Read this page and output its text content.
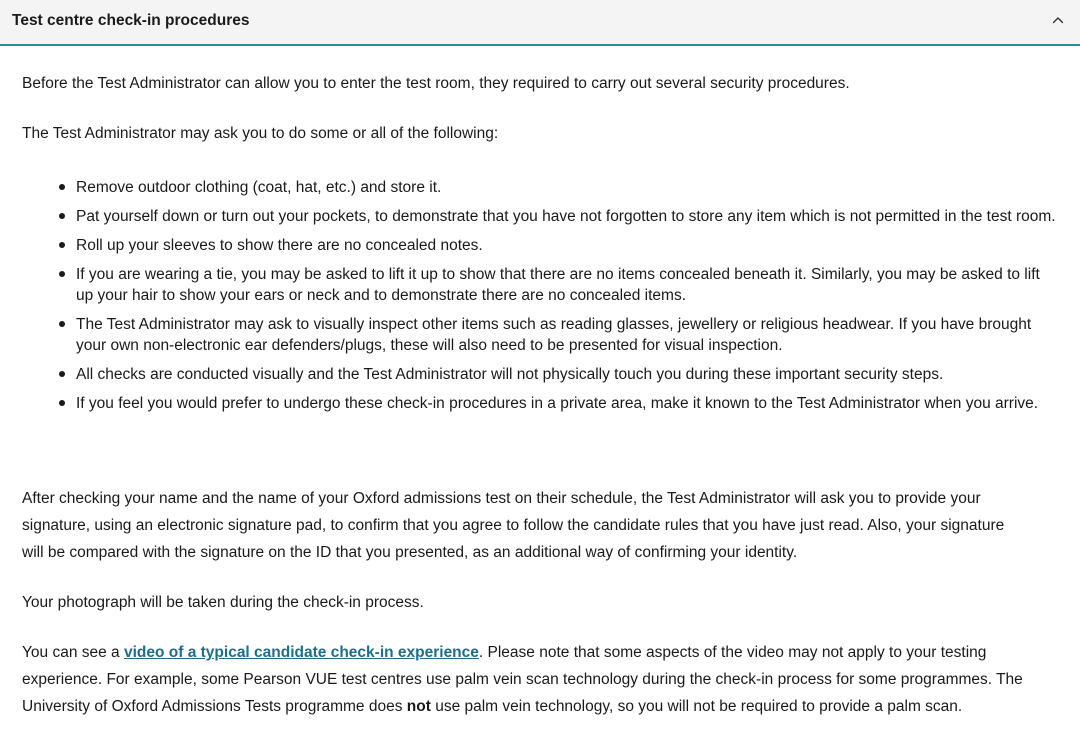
Test centre check-in procedures

Before the Test Administrator can allow you to enter the test room, they required to carry out several security procedures.

The Test Administrator may ask you to do some or all of the following:

Remove outdoor clothing (coat, hat, etc.) and store it.
Pat yourself down or turn out your pockets, to demonstrate that you have not forgotten to store any item which is not permitted in the test room.
Roll up your sleeves to show there are no concealed notes.
If you are wearing a tie, you may be asked to lift it up to show that there are no items concealed beneath it. Similarly, you may be asked to lift up your hair to show your ears or neck and to demonstrate there are no concealed items.
The Test Administrator may ask to visually inspect other items such as reading glasses, jewellery or religious headwear. If you have brought your own non-electronic ear defenders/plugs, these will also need to be presented for visual inspection.
All checks are conducted visually and the Test Administrator will not physically touch you during these important security steps.
If you feel you would prefer to undergo these check-in procedures in a private area, make it known to the Test Administrator when you arrive.

After checking your name and the name of your Oxford admissions test on their schedule, the Test Administrator will ask you to provide your

signature, using an electronic signature pad, to confirm that you agree to follow the candidate rules that you have just read. Also, your signature

will be compared with the signature on the ID that you presented, as an additional way of confirming your identity.

Your photograph will be taken during the check-in process.

You can see a video of a typical candidate check-in experience. Please note that some aspects of the video may not apply to your testing

experience. For example, some Pearson VUE test centres use palm vein scan technology during the check-in process for some programmes. The

University of Oxford Admissions Tests programme does not use palm vein technology, so you will not be required to provide a palm scan.
